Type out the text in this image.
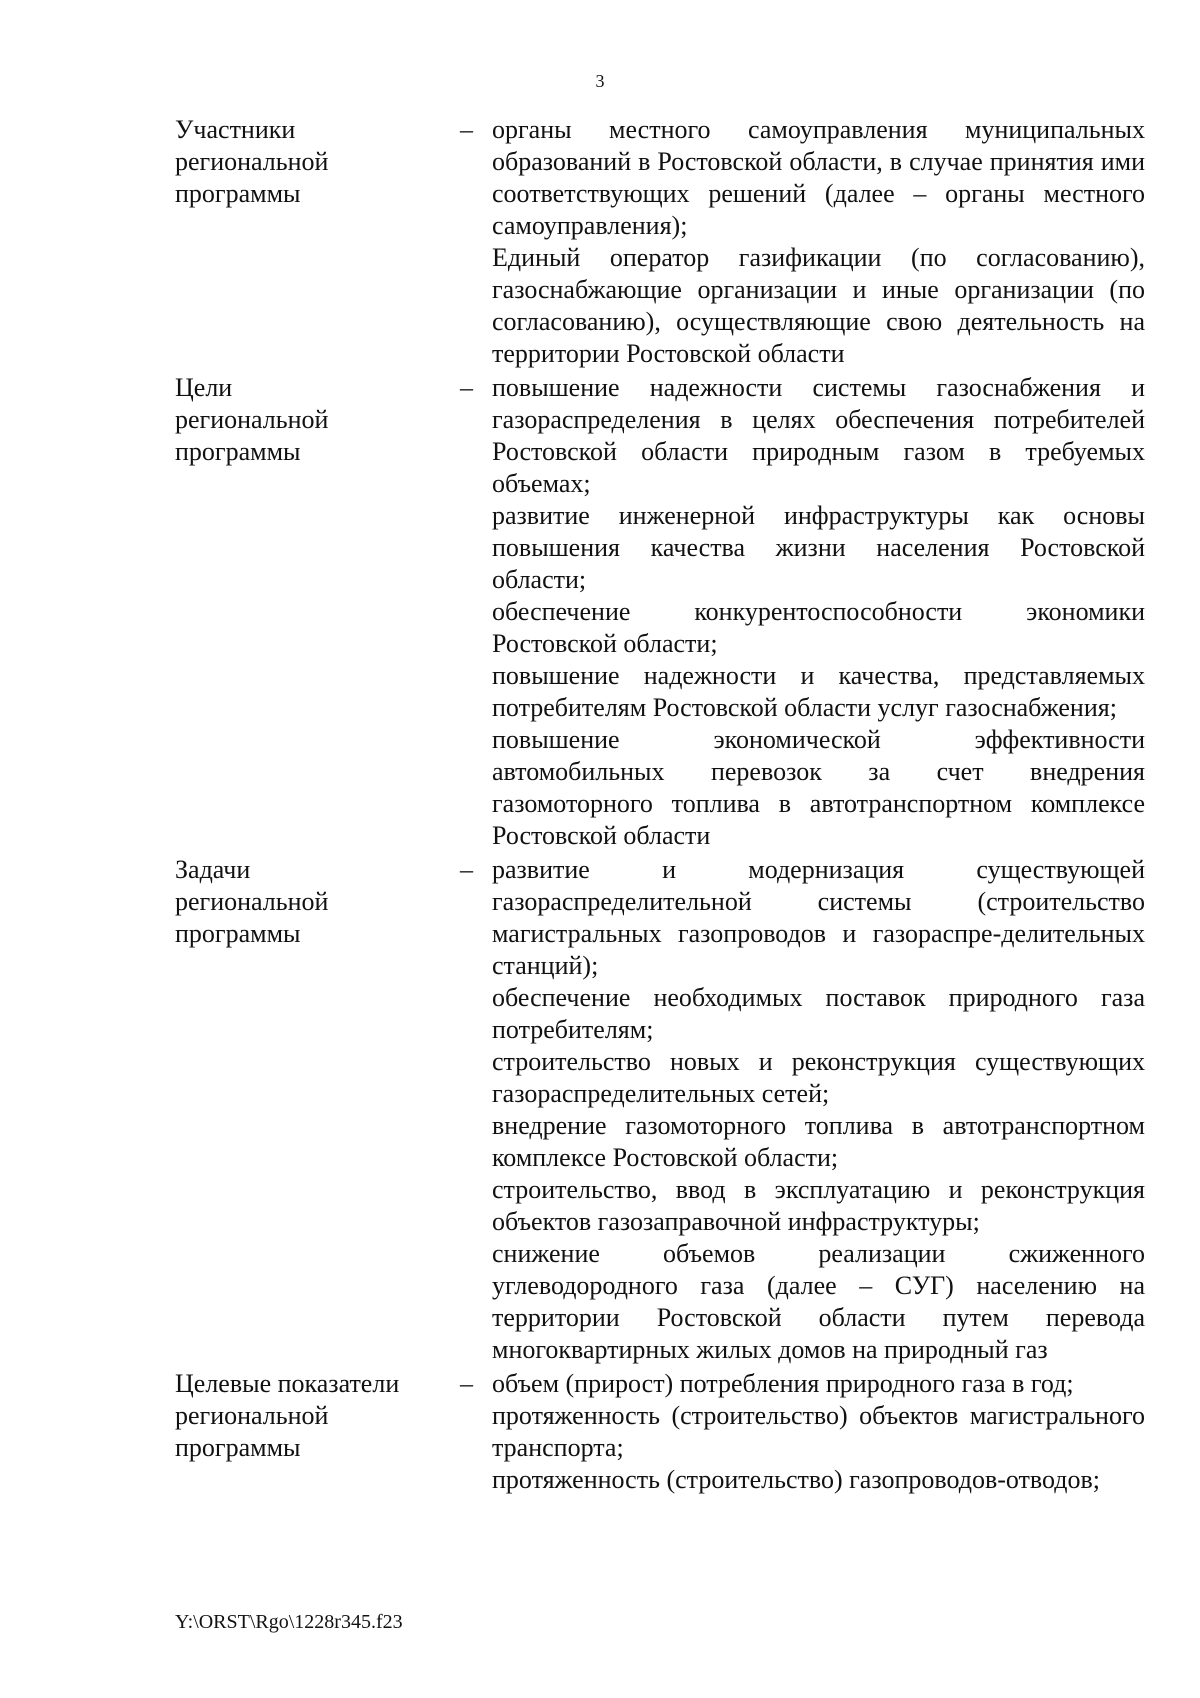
3
Участники
региональной
программы
– органы местного самоуправления муниципальных образований в Ростовской области, в случае принятия ими соответствующих решений (далее – органы местного самоуправления);

Единый оператор газификации (по согласованию), газоснабжающие организации и иные организации (по согласованию), осуществляющие свою деятельность на территории Ростовской области

Цели
региональной
программы
– повышение надежности системы газоснабжения и газораспределения в целях обеспечения потребителей Ростовской области природным газом в требуемых объемах;

развитие инженерной инфраструктуры как основы повышения качества жизни населения Ростовской области;

обеспечение конкурентоспособности экономики Ростовской области;

повышение надежности и качества, представляемых потребителям Ростовской области услуг газоснабжения;

повышение экономической эффективности автомобильных перевозок за счет внедрения газомоторного топлива в автотранспортном комплексе Ростовской области

Задачи
региональной
программы
– развитие и модернизация существующей газораспределительной системы (строительство магистральных газопроводов и газораспре-делительных станций);

обеспечение необходимых поставок природного газа потребителям;

строительство новых и реконструкция существующих газораспределительных сетей;

внедрение газомоторного топлива в автотранспортном комплексе Ростовской области;

строительство, ввод в эксплуатацию и реконструкция объектов газозаправочной инфраструктуры;

снижение объемов реализации сжиженного углеводородного газа (далее – СУГ) населению на территории Ростовской области путем перевода многоквартирных жилых домов на природный газ

Целевые показатели
региональной
программы
– объем (прирост) потребления природного газа в год;

протяженность (строительство) объектов магистрального транспорта;

протяженность (строительство) газопроводов-отводов;

Y:\ORST\Rgo\1228r345.f23
